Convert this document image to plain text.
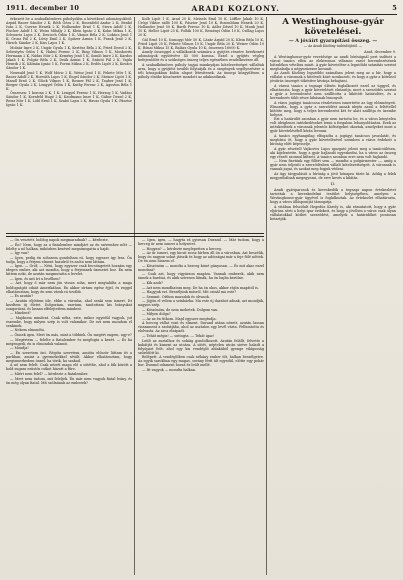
1911. december 10	ARADI KOZLONY.	5

érkezett be a szabadkőműves páholyokba a következő adományokból: Arpád Bauer Sándor 2 K, Róth Géza 2 K, Rosenfeld Andor 2 K, Benkő Iván 2 K, Cserne Henrik 2 K, Hollaender Ernő 1 K, Stern Adolf 2 K, Fischer Adolf 1 K, Weiss Mihály 2 K, Klein Ignác 2 K, Kohn Miksa 1 K, Schwartz Lajos 2 K, Deutsch Ödön 1 K, Vámos Béla 2 K, Lukács Jenő 1 K, Grosz Pál 2 K, Lőwy Emil 2 K, Spitzer Ármin 1 K, Frank Jenő 2 K, Hirsch Sándor 2 K, Kiss Lajos 1 K.

Molnár Imre 2 K, Ungár Gyula 1 K, Kertész Béla 2 K, Fried Dezső 2 K, Sebestyén Ödön 1 K, Halmi Ferenc 2 K, Ring Vilmos 1 K, Moskovits Hermann 2 K, Nádas Mór 2 K, Kemény Jenő 1 K, Somló Imre 2 K, Kardos Jakab 1 K, Polgár Béla 2 K, Deák Ármin 1 K, Szántó Pál 2 K, Vajda Henrik 2 K, Kálmán Ignác 1 K, Forrai Miksa 2 K, Erdős Lipót 2 K, Kovács Sándor 1 K.

Neuwald Jenő 1 K, Wolf Móric 2 K, Weisz Jenő 1 K, Fekete Mór 1 K, Bauer Adolf 2 K, Horváth Lajos 1 K, Engel Sándor 2 K, Steiner Lipót 1 K, Mandl Ernő 2 K, Glück Vilmos 1 K, Rosner Pál 2 K, Tauber Jenő 1 K, Berger Gyula 2 K, Lengyel Ödön 1 K, Kuthy Ferenc 2 K, Ágoston Béla 1 K.

Összesen: 1 korona 2 K, 1 K. Lengyel Ferenc 1 K, Herzog 1 K, Vadász Sándor 1 K, Kornfeld Hugó 2 K, Kaufmann Imre 1 K, Gábor Dezső 2 K, Reisz Mór 1 K, Löbl Ernő 1 K, Szabó Lajos 2 K, Havas Gyula 1 K, Pásztor Ignác 1 K.

Kolb Lipót 1 K, Arad 20 K, Meisels Emil 10 K, Löffler Jakab 10 K, Ürögi Viktor sidló 100 K, Pásztor Jenő 10 K, Rosenblum Henrik 20 K, Hollander Jenő 50 K, Barth Ferenc 10 K, Adler Dávid 10 K, Munk Jenő 10 K, Heller Lipót 25 K, Pollák 100 K, Reményi Ödön 10 K, Csillag Lajos 20 K.

Gál Ernő 10 K, Somogyi Mór 50 K, Lázár Árpád 20 K, Klein Béla 10 K, Fried Lipót 25 K, Fekete Vilmos 10 K, Ungár Béla 20 K, Weiser Ödön 10 K, Rónai Miksa 15 K, Balázs Gyula 10 K, összesen 16000 K.

Amely összeggel a vállalkozók számára a gyüjtés részére beérkezett adományok együttvéve 45 000 korona. Ezzel a gyüjtés végleg befejeződött és a szükséges összeg teljes egészében rendelkezésre áll.

A szabadkőműves páholy tagjai mindnyájan kötelezettséget vállaltak arra, hogy a gyüjtést tovább folytatják és a szegények segélyezésére a téli hónapokban külön alapot létesítenek. Az ünnepi közgyűlésen a páholy elnöke köszönetet mondott az adakozóknak.

— Ön vesztett, boldog napok megmaradnak? — kérdezte.

— Én? Nem, hogy az a fiatalember mindjárt az én szívemhez nőtt — felelte a nő halkan, miközben kezével megsimogatta a haját.

— Így van?

— Igen, pedig én sohasem gondoltam rá, hogy egyszer így lesz. Ön tudja, hogy a férjem elment hazulról és azóta nem láttam.

— Igen. — Gróf, — Néni, hogy egyszer csak becsöngetett hozzám egy idegen ember, aki azt mondta, hogy a férjemnek üzenetet hoz. Én nem hittem neki, de azután megmutatta a levelet.

— Igen, és mit írt a levélben?

— Azt, hogy ő már nem jön vissza soha, mert megtalálta a maga boldogságát odaát Amerikában. Én akkor sírtam egész éjjel, és reggel elhatároztam, hogy én sem várok rá tovább.

— És azután?

— Azután eljöttem ide, ebbe a városba, ahol senki sem ismert. Itt kezdtem új életet. Dolgoztam, varrtam, tanítottam kis leányokat zongorázni, és lassan elfelejtettem mindent.

— Mindent?

— Majdnem mindent. Csak néha, este, mikor egyedül vagyok, jut eszembe, hogy milyen szép is volt valamikor. De ezt nem mondom el senkinek.

— Nekem elmondta.

— Önnek igen. Mert ön más, mint a többiek. Ön megért engem, ugy-e?

— Megértem — felelte a fiatalember és megfogta a kezét. — És ha megengedi, én is elmondok valamit.

— Mondja!

— Én szeretem önt. Régóta szeretem, amióta először láttam itt a parkban, amint a gyermekekkel sétált. Akkor elhatároztam, hogy megismerkedem önnel, ha törik, ha szakad.

A nő nem felelt. Csak nézett maga elé a sötétbe, ahol a fák között a hold sugara ezüstös csíkot húzott a fűre.

— Miért nem felel? — kérdezte a fiatalember.

— Mert nem tudom, mit feleljek. Én már nem vagyok fiatal leány, és ön még olyan fiatal. Mit szólnának az emberek?

— Igen, igen, — hagyta rá gyorsan Durand. — Már tudom, hogy a herceg úr nem ismeri a helyzetet.

— Hogyan? — kérdezte meglepetten a herceg.

— Az úr ismeri, egy kicsit rossz hírben áll ön a városban. Azt beszélik, hogy ön nagyon sokat játszik és hogy az adósságai már a feje fölé nőttek. De én nem hiszem el.

— Köszönöm — mondta a herceg kissé gúnyosan. — És mit akar ezzel mondani?

— Csak azt, hogy vigyázzon magára. Vannak emberek, akik nem önnek a barátai, és akik szívesen látnák, ha ön bajba kerülne.

— Kik azok?

— Azt nem mondhatom meg. De ha ön okos, akkor rájön magától is.

— Hagyjuk ezt. Beszéljünk másról. Mit csinál ma este?

— Semmit. Otthon maradok és olvasok.

— Jöjjön el velem a színházba. Ma este új darabot adnak, azt mondják, nagyon szép.

— Köszönöm, de nem mehetek. Dolgom van.

— Milyen dolga?

— Az az én titkom. Majd egyszer megtudja.

A herceg vállat vont és elment. Durand utána nézett, azután lassan visszament a szobájába, ahol az asztalon egy levél várta. Felbontotta és elolvasta. Az arca elsápadt.

— Tehát mégis! — suttogta. — Tehát igaz!

Leült az asztalhoz és sokáig gondolkozott. Azután felállt, felvette a kabátját és kiment az utcára. A sötét, néptelen utcán sietve haladt a folyópart felé, ahol egy kis vendéglő ablakából gyenge világosság szűrődött ki.

Belépett. A vendéglőben csak néhány ember ült, halkan beszélgetve. Az egyik sarokban egy magas, sovány férfi ült egyedül, előtte egy pohár bor. Durand odament hozzá és leült mellé.

— Itt vagyok — mondta halkan.

A Westinghouse-gyár követelései.

— A jóváírt gyarapítási összeg. —

— Az Aradi Közlöny tudósítójától. —

Arad, december 9.

A Westinghouse-gyár vezetősége az aradi bíróságnál pert indított a városi tanács ellen az elektromos villamos vasút berendezésének hátralékos vételára miatt. A gyár követelése a legutóbbi számítás szerint meghaladja a négyszázezer koronát.

Az Aradi Közlöny legutóbbi számában jelent meg az a hír, hogy a vállalat a városnak a hitelezői közé sorakozott, és hogy a gyár a kötelező jóváírás összegét tőkésítve kívánja behajtani.

A városi tanács a tegnapi ülésén foglalkozott ezzel az üggyel, és elhatározta, hogy a gyár követelését elutasítja, mert a szerződés szerint a gyár a berendezést nem szállította a kikötött határidőre, és a berendezés több része hibásnak bizonyult.

A város jogügyi tanácsosa részletesen ismertette az ügy előzményeit. Elmondta, hogy a gyár a szerződést annak idején azzal a feltétellel kötötte meg, hogy a teljes berendezést két év alatt szállítja és üzembe helyezi.

Ezt a határidőt azonban a gyár nem tartotta be, és a város kénytelen volt ideiglenes intézkedéseket tenni a forgalom lebonyolítására. Ezek az intézkedések a városnak jelentős költségeket okoztak, amelyeket most a gyár követeléséből kíván levonni.

A tanács egyhangúlag elfogadta a jogügyi tanácsos javaslatát, és megbízta őt, hogy a gyár követelésével szemben a város érdekeit a bíróság előtt képviselje.

A gyár részéről Vajkovics Lajos igazgató jelent meg a tanácsülésen, aki kijelentette, hogy a gyár hajlandó egyezkedni, ha a város az összeg egy részét azonnal kifizeti. A tanács azonban erre nem volt hajlandó.

— Nem fizetünk egy fillért sem — mondta a polgármester —, amíg a gyár nem teljesíti a szerződésben vállalt kötelezettségeit. A városnak is vannak jogai, és azokat meg fogjuk védeni.

Az ügy tárgyalását a bíróság a jövő hónapra tűzte ki. Addig a felek megpróbálnak megegyezni, de erre kevés a kilátás.

II.

Aradi gyáriparosok és kereskedők a tegnapi napon értekezletet tartottak a kereskedelmi testület helyiségében, amelyen a Westinghouse-gyár ügyével is foglalkoztak. Az értekezlet elhatározta, hogy a város álláspontját támogatja.

A vitában felszólalt Hegedüs Károly is, aki rámutatott, hogy a gyár eljárása sérti a helyi ipar érdekeit, és hogy a jövőben a város csak olyan vállalatokkal köthet szerződést, amelyek a határidőket pontosan betartják.
